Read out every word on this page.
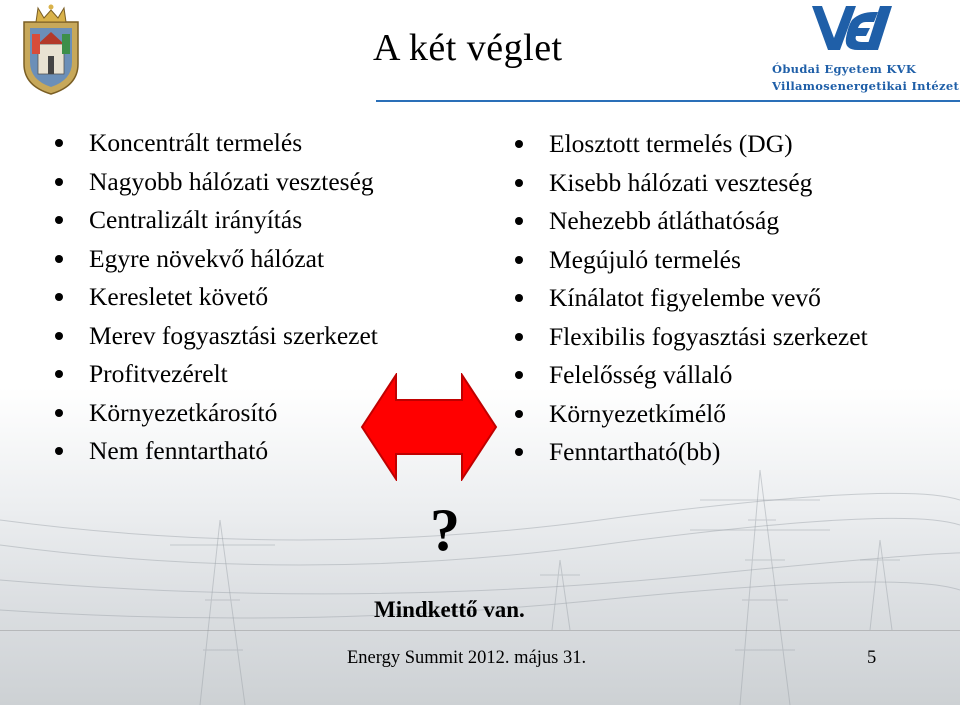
A két véglet	Óbudai Egyetem KVK
Villamosenergetikai Intézet
Koncentrált termelés
Nagyobb hálózati veszteség
Centralizált irányítás
Egyre növekvő hálózat
Keresletet követő
Merev fogyasztási szerkezet
Profitvezérelt
Környezetkárosító
Nem fenntartható
Elosztott termelés (DG)
Kisebb hálózati veszteség
Nehezebb átláthatóság
Megújuló termelés
Kínálatot figyelembe vevő
Flexibilis fogyasztási szerkezet
Felelősség vállaló
Környezetkímélő
Fenntartható(bb)
?
Mindkettő van.
Energy Summit 2012. május 31.	5
